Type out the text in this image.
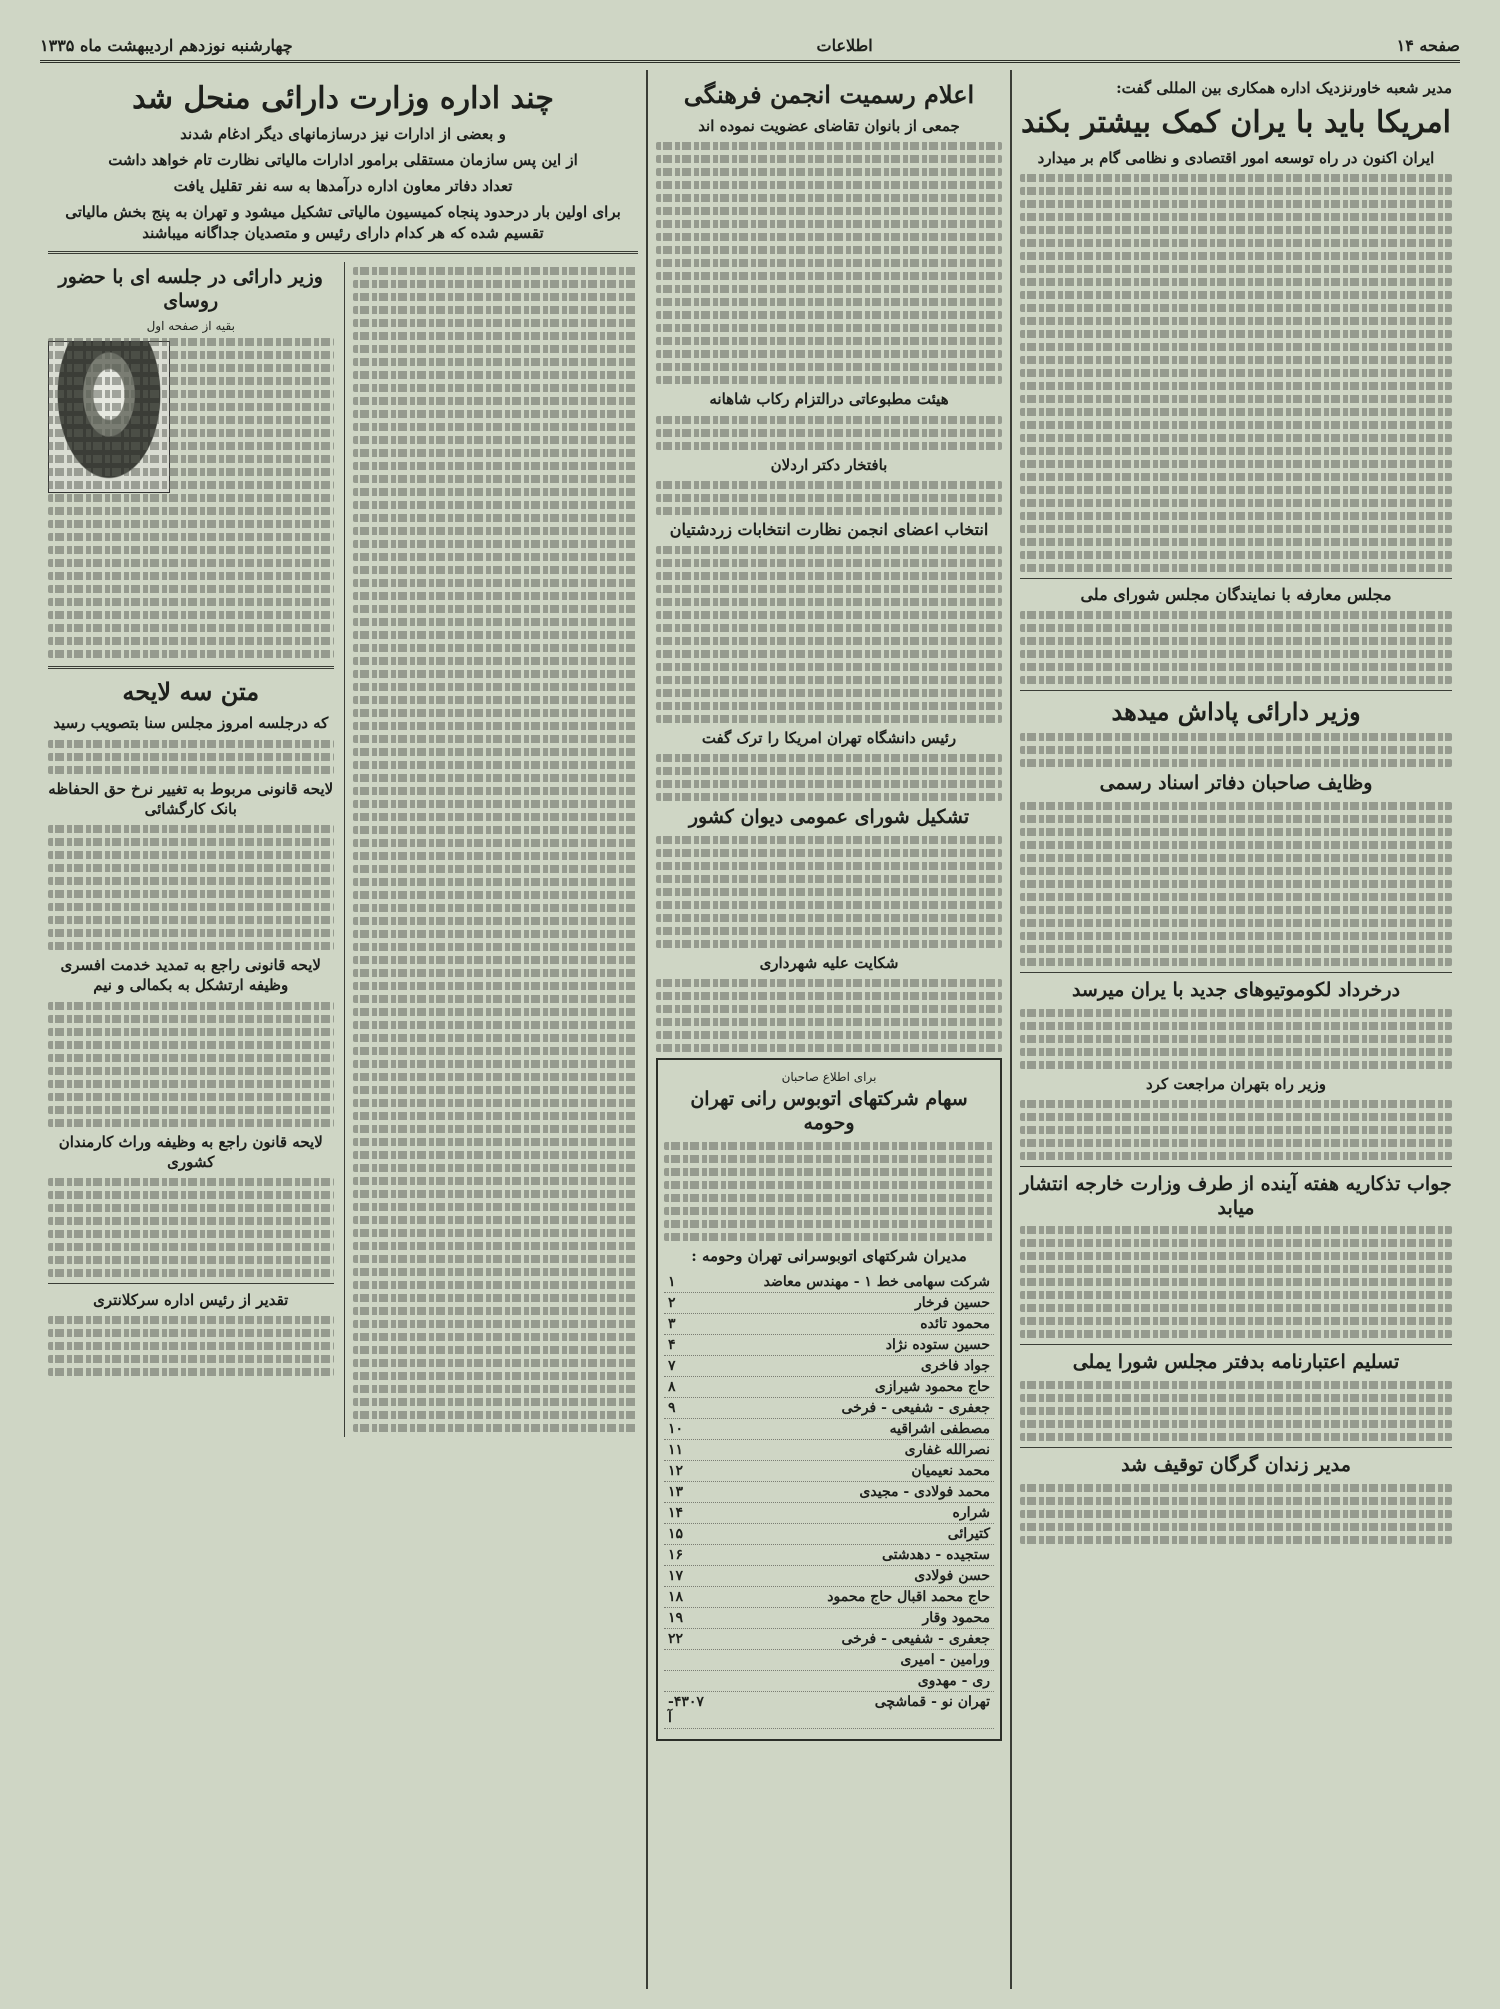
صفحه ۱۴
اطلاعات
چهارشنبه نوزدهم اردیبهشت ماه ۱۳۳۵
مدیر شعبه خاورنزدیک اداره همکاری بین المللی گفت:
امریکا باید با یران کمک بیشتر بکند
ایران اکنون در راه توسعه امور اقتصادی و نظامی گام بر میدارد
مجلس معارفه با نمایندگان مجلس شورای ملی
وزیر دارائی پاداش میدهد
وظایف صاحبان دفاتر اسناد رسمی
درخرداد لکوموتیوهای جدید با یران میرسد
وزیر راه بتهران مراجعت کرد
جواب تذکاریه هفته آینده از طرف وزارت خارجه انتشار میابد
تسلیم اعتبارنامه بدفتر مجلس شورا یملی
مدیر زندان گرگان توقیف شد
اعلام رسمیت انجمن فرهنگی
جمعی از بانوان تقاضای عضویت نموده اند
هیئت مطبوعاتی درالتزام رکاب شاهانه
بافتخار دکتر اردلان
انتخاب اعضای انجمن نظارت انتخابات زردشتیان
رئیس دانشگاه تهران امریکا را ترک گفت
تشکیل شورای عمومی دیوان کشور
شکایت علیه شهرداری
برای اطلاع صاحبان
سهام شرکتهای اتوبوس رانی تهران وحومه
مدیران شرکتهای اتوبوسرانی تهران وحومه :
شرکت سهامی خط ۱ - مهندس معاضد
۱
حسین فرخار
۲
محمود تائده
۳
حسین ستوده نژاد
۴
جواد فاخری
۷
حاج محمود شیرازی
۸
جعفری - شفیعی - فرخی
۹
مصطفی اشراقیه
۱۰
نصرالله غفاری
۱۱
محمد نعیمیان
۱۲
محمد فولادی - مجیدی
۱۳
شراره
۱۴
کتیرائی
۱۵
ستجیده - دهدشتی
۱۶
حسن فولادی
۱۷
حاج محمد اقبال حاج محمود
۱۸
محمود وقار
۱۹
جعفری - شفیعی - فرخی
۲۲
ورامین - امیری
ری - مهدوی
تهران نو - قماشچی
۴۳۰۷-آ
چند اداره وزارت دارائی منحل شد
و بعضی از ادارات نیز درسازمانهای دیگر ادغام شدند
از این پس سازمان مستقلی برامور ادارات مالیاتی نظارت تام خواهد داشت
تعداد دفاتر معاون اداره درآمدها به سه نفر تقلیل یافت
برای اولین بار درحدود پنجاه کمیسیون مالیاتی تشکیل میشود و تهران به پنج بخش مالیاتی تقسیم شده که هر کدام دارای رئیس و متصدیان جداگانه میباشند
وزیر دارائی در جلسه ای با حضور روسای
بقیه از صفحه اول
متن سه لایحه
که درجلسه امروز مجلس سنا بتصویب رسید
لایحه قانونی مربوط به تغییر نرخ حق الحفاظه بانک کارگشائی
لایحه قانونی راجع به تمدید خدمت افسری وظیفه ارتشکل به بکمالی و نیم
لایحه قانون راجع به وظیفه وراث کارمندان کشوری
تقدیر از رئیس اداره سرکلانتری
